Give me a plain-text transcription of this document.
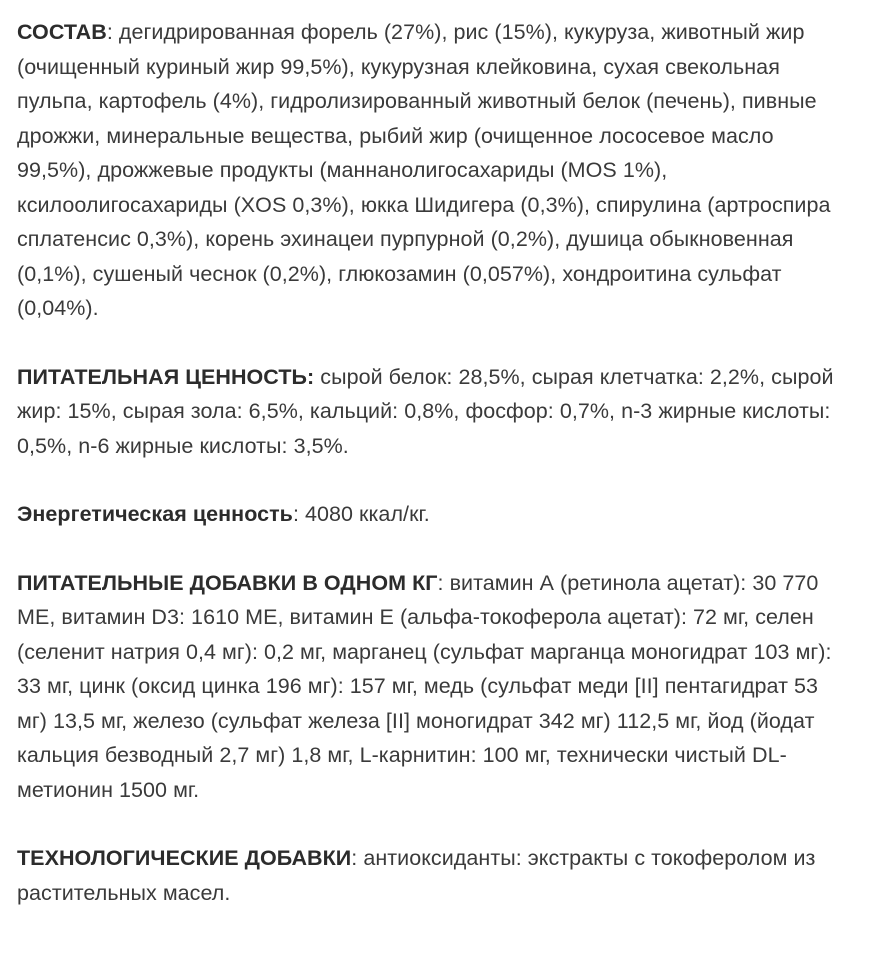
СОСТАВ: дегидрированная форель (27%), рис (15%), кукуруза, животный жир (очищенный куриный жир 99,5%), кукурузная клейковина, сухая свекольная пульпа, картофель (4%), гидролизированный животный белок (печень), пивные дрожжи, минеральные вещества, рыбий жир (очищенное лососевое масло 99,5%), дрожжевые продукты (маннанолигосахариды (MOS 1%), ксилоолигосахариды (XOS 0,3%), юкка Шидигера (0,3%), спирулина (артроспира сплатенсис 0,3%), корень эхинацеи пурпурной (0,2%), душица обыкновенная (0,1%), сушеный чеснок (0,2%), глюкозамин (0,057%), хондроитина сульфат (0,04%).

ПИТАТЕЛЬНАЯ ЦЕННОСТЬ: сырой белок: 28,5%, сырая клетчатка: 2,2%, сырой жир: 15%, сырая зола: 6,5%, кальций: 0,8%, фосфор: 0,7%, n-3 жирные кислоты: 0,5%, n-6 жирные кислоты: 3,5%.

Энергетическая ценность: 4080 ккал/кг.

ПИТАТЕЛЬНЫЕ ДОБАВКИ В ОДНОМ КГ: витамин А (ретинола ацетат): 30 770 МЕ, витамин D3: 1610 МЕ, витамин Е (альфа-токоферола ацетат): 72 мг, селен (селенит натрия 0,4 мг): 0,2 мг, марганец (сульфат марганца моногидрат 103 мг): 33 мг, цинк (оксид цинка 196 мг): 157 мг, медь (сульфат меди [II] пентагидрат 53 мг) 13,5 мг, железо (сульфат железа [II] моногидрат 342 мг) 112,5 мг, йод (йодат кальция безводный 2,7 мг) 1,8 мг, L-карнитин: 100 мг, технически чистый DL-метионин 1500 мг.

ТЕХНОЛОГИЧЕСКИЕ ДОБАВКИ: антиоксиданты: экстракты с токоферолом из растительных масел.
